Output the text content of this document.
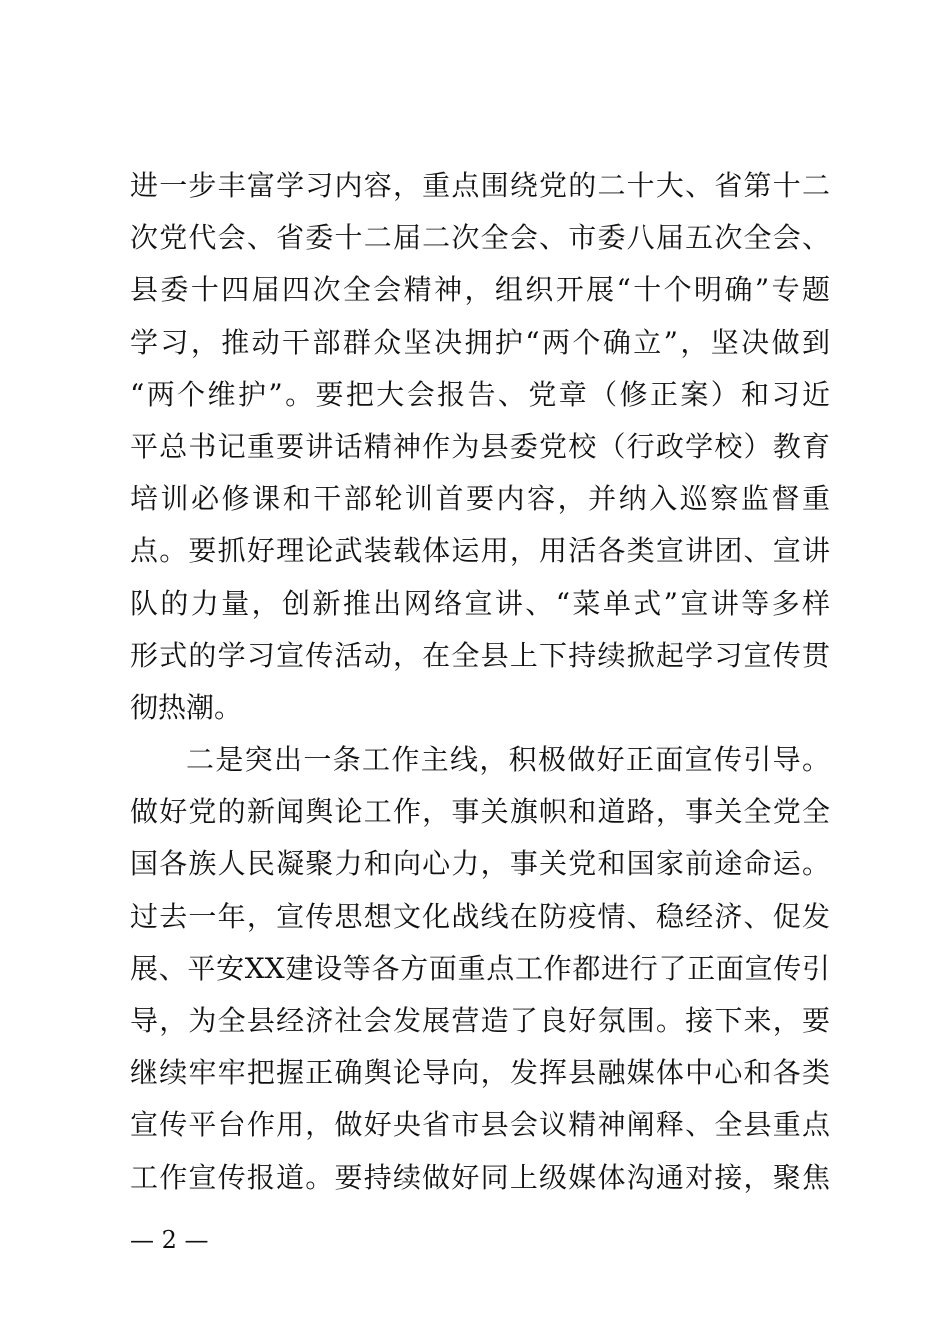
进一步丰富学习内容，重点围绕党的二十大、省第十二
次党代会、省委十二届二次全会、市委八届五次全会、
县委十四届四次全会精神，组织开展“十个明确”专题
学习，推动干部群众坚决拥护“两个确立”，坚决做到
“两个维护”。要把大会报告、党章（修正案）和习近
平总书记重要讲话精神作为县委党校（行政学校）教育
培训必修课和干部轮训首要内容，并纳入巡察监督重
点。要抓好理论武装载体运用，用活各类宣讲团、宣讲
队的力量，创新推出网络宣讲、“菜单式”宣讲等多样
形式的学习宣传活动，在全县上下持续掀起学习宣传贯
彻热潮。
二是突出一条工作主线，积极做好正面宣传引导。
做好党的新闻舆论工作，事关旗帜和道路，事关全党全
国各族人民凝聚力和向心力，事关党和国家前途命运。
过去一年，宣传思想文化战线在防疫情、稳经济、促发
展、平安XX建设等各方面重点工作都进行了正面宣传引
导，为全县经济社会发展营造了良好氛围。接下来，要
继续牢牢把握正确舆论导向，发挥县融媒体中心和各类
宣传平台作用，做好央省市县会议精神阐释、全县重点
工作宣传报道。要持续做好同上级媒体沟通对接，聚焦
— 2 —
